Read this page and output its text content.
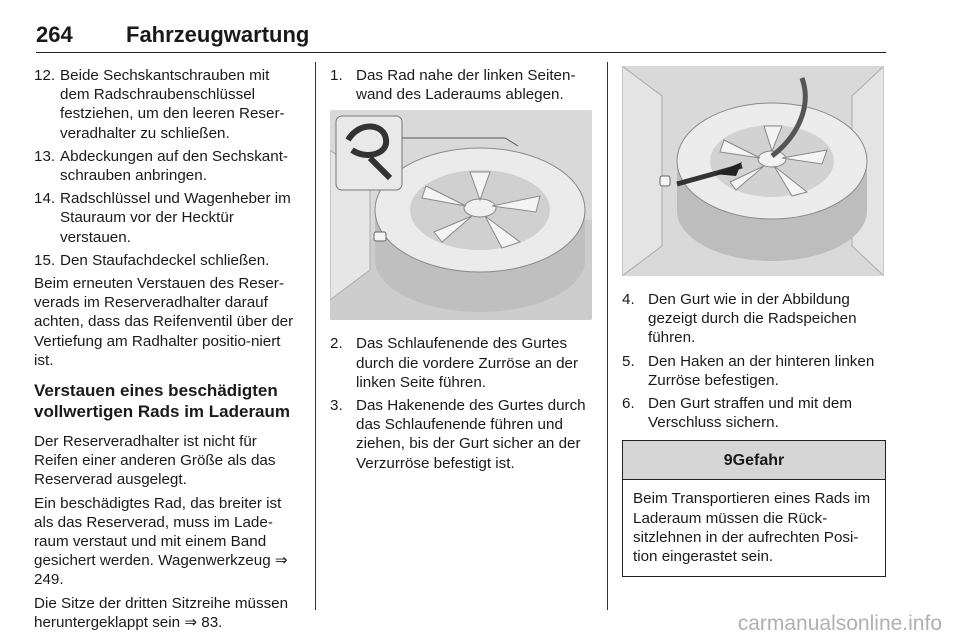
264 Fahrzeugwartung
12. Beide Sechskantschrauben mit dem Radschraubenschlüssel festziehen, um den leeren Reser-veradhalter zu schließen.
13. Abdeckungen auf den Sechskant-schrauben anbringen.
14. Radschlüssel und Wagenheber im Stauraum vor der Hecktür verstauen.
15. Den Staufachdeckel schließen.

Beim erneuten Verstauen des Reser-verads im Reserveradhalter darauf achten, dass das Reifenventil über der Vertiefung am Radhalter positio-niert ist.

Verstauen eines beschädigten vollwertigen Rads im Laderaum

Der Reserveradhalter ist nicht für Reifen einer anderen Größe als das Reserverad ausgelegt.

Ein beschädigtes Rad, das breiter ist als das Reserverad, muss im Lade-raum verstaut und mit einem Band gesichert werden. Wagenwerkzeug ⇒ 249.

Die Sitze der dritten Sitzreihe müssen heruntergeklappt sein ⇒ 83.

1. Das Rad nahe der linken Seiten-wand des Laderaums ablegen.
2. Das Schlaufenende des Gurtes durch die vordere Zurröse an der linken Seite führen.
3. Das Hakenende des Gurtes durch das Schlaufenende führen und ziehen, bis der Gurt sicher an der Verzurröse befestigt ist.
4. Den Gurt wie in der Abbildung gezeigt durch die Radspeichen führen.
5. Den Haken an der hinteren linken Zurröse befestigen.
6. Den Gurt straffen und mit dem Verschluss sichern.
9 Gefahr
Beim Transportieren eines Rads im Laderaum müssen die Rück-sitzlehnen in der aufrechten Posi-tion eingerastet sein.
carmanualsonline.info
